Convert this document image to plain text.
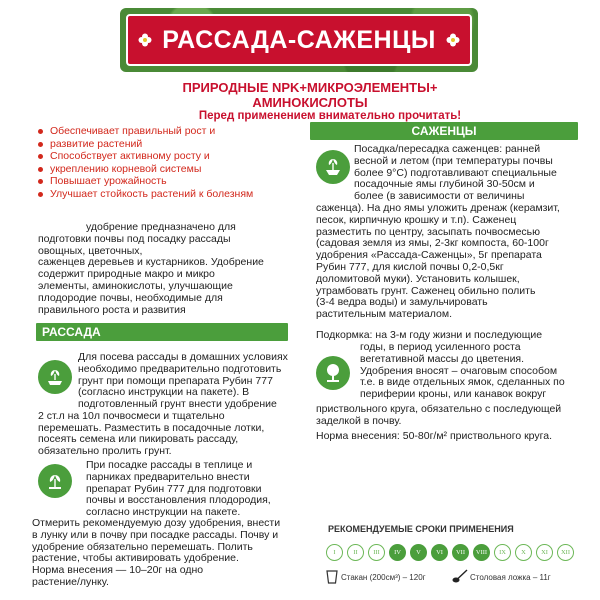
РАССАДА-САЖЕНЦЫ
ПРИРОДНЫЕ NPK+МИКРОЭЛЕМЕНТЫ+
АМИНОКИСЛОТЫ
Перед применением внимательно прочитать!
Обеспечивает правильный рост и
развитие растений
Способствует активному росту и
укреплению корневой системы
Повышает урожайность
Улучшает стойкость растений к болезням
удобрение предназначено для
подготовки почвы под посадку рассады
овощных, цветочных,
саженцев деревьев и кустарников. Удобрение
содержит природные макро и микро
элементы, аминокислоты, улучшающие
плодородие почвы, необходимые для
правильного роста и развития
РАССАДА
Для посева рассады в домашних условиях
необходимо предварительно подготовить
грунт при помощи препарата Рубин 777
(согласно инструкции на пакете). В
подготовленный грунт внести удобрение
2 ст.л на 10л почвосмеси и тщательно
перемешать. Разместить в посадочные лотки,
посеять семена или пикировать рассаду,
обязательно пролить грунт.
При посадке рассады в теплице и
парниках предварительно внести
препарат Рубин 777 для подготовки
почвы и восстановления плодородия,
согласно инструкции на пакете.
Отмерить рекомендуемую дозу удобрения, внести
в лунку или в почву при посадке рассады. Почву и
удобрение обязательно перемешать. Полить
растение, чтобы активировать удобрение.
Норма внесения — 10–20г на одно
растение/лунку.
САЖЕНЦЫ
Посадка/пересадка саженцев: ранней
весной и летом (при температуры почвы
более 9°С) подготавливают специальные
посадочные ямы глубиной 30-50см и
более (в зависимости от величины
саженца). На дно ямы уложить дренаж (керамзит,
песок, кирпичную крошку и т.п). Саженец
разместить по центру, засыпать почвосмесью
(садовая земля из ямы, 2-3кг компоста, 60-100г
удобрения «Рассада-Саженцы», 5г препарата
Рубин 777, для кислой почвы 0,2-0,5кг
доломитовой муки). Установить колышек,
утрамбовать грунт. Саженец обильно полить
(3-4 ведра воды) и замульчировать
растительным материалом.
Подкормка: на 3-м году жизни и последующие
годы, в период усиленного роста
вегетативной массы до цветения.
Удобрения вносят – очаговым способом
т.е. в виде отдельных ямок, сделанных по
периферии кроны, или канавок вокруг
приствольного круга, обязательно с последующей
заделкой в почву.
Норма внесения: 50-80г/м² приствольного круга.
РЕКОМЕНДУЕМЫЕ СРОКИ ПРИМЕНЕНИЯ
I	II	III	IV	V	VI	VII	VIII	IX	X	XI	XII
Стакан (200см³) – 120г	Столовая ложка – 11г
